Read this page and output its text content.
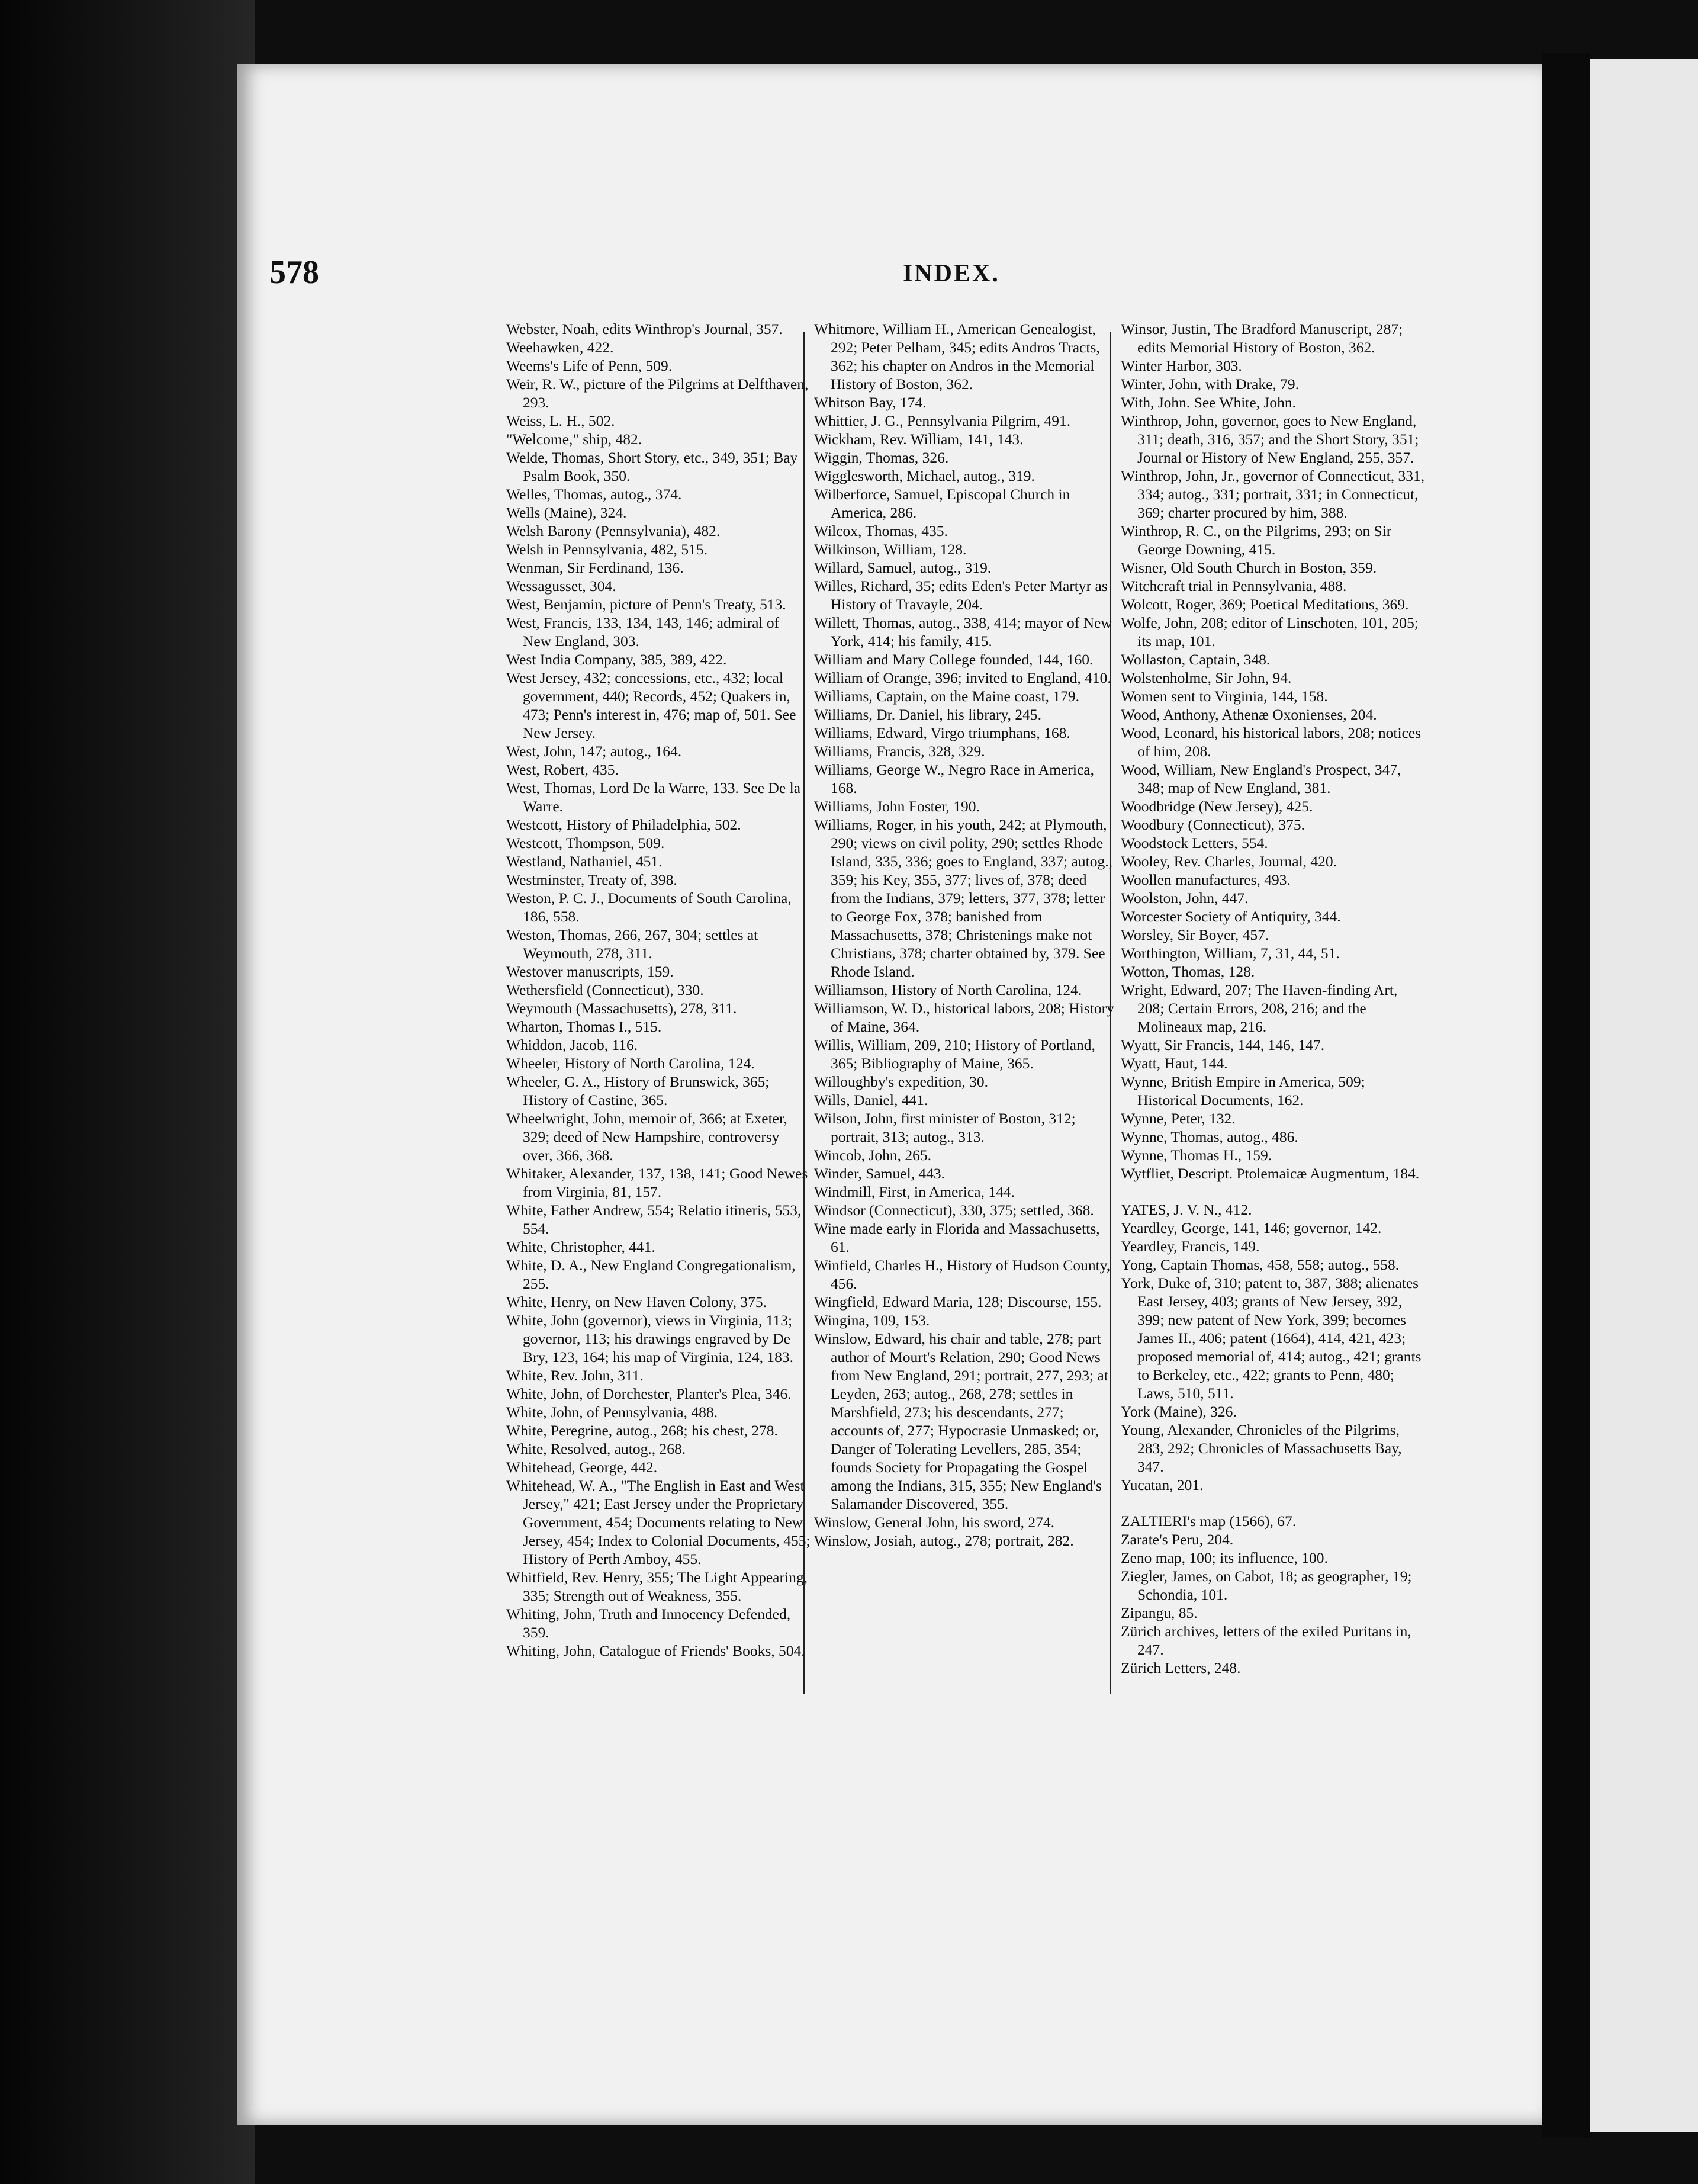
578	INDEX.

Webster, Noah, edits Winthrop's Journal, 357.

Weehawken, 422.

Weems's Life of Penn, 509.

Weir, R. W., picture of the Pilgrims at Delfthaven, 293.

Weiss, L. H., 502.

"Welcome," ship, 482.

Welde, Thomas, Short Story, etc., 349, 351; Bay Psalm Book, 350.

Welles, Thomas, autog., 374.

Wells (Maine), 324.

Welsh Barony (Pennsylvania), 482.

Welsh in Pennsylvania, 482, 515.

Wenman, Sir Ferdinand, 136.

Wessagusset, 304.

West, Benjamin, picture of Penn's Treaty, 513.

West, Francis, 133, 134, 143, 146; admiral of New England, 303.

West India Company, 385, 389, 422.

West Jersey, 432; concessions, etc., 432; local government, 440; Records, 452; Quakers in, 473; Penn's interest in, 476; map of, 501. See New Jersey.

West, John, 147; autog., 164.

West, Robert, 435.

West, Thomas, Lord De la Warre, 133. See De la Warre.

Westcott, History of Philadelphia, 502.

Westcott, Thompson, 509.

Westland, Nathaniel, 451.

Westminster, Treaty of, 398.

Weston, P. C. J., Documents of South Carolina, 186, 558.

Weston, Thomas, 266, 267, 304; settles at Weymouth, 278, 311.

Westover manuscripts, 159.

Wethersfield (Connecticut), 330.

Weymouth (Massachusetts), 278, 311.

Wharton, Thomas I., 515.

Whiddon, Jacob, 116.

Wheeler, History of North Carolina, 124.

Wheeler, G. A., History of Brunswick, 365; History of Castine, 365.

Wheelwright, John, memoir of, 366; at Exeter, 329; deed of New Hampshire, controversy over, 366, 368.

Whitaker, Alexander, 137, 138, 141; Good Newes from Virginia, 81, 157.

White, Father Andrew, 554; Relatio itineris, 553, 554.

White, Christopher, 441.

White, D. A., New England Congregationalism, 255.

White, Henry, on New Haven Colony, 375.

White, John (governor), views in Virginia, 113; governor, 113; his drawings engraved by De Bry, 123, 164; his map of Virginia, 124, 183.

White, Rev. John, 311.

White, John, of Dorchester, Planter's Plea, 346.

White, John, of Pennsylvania, 488.

White, Peregrine, autog., 268; his chest, 278.

White, Resolved, autog., 268.

Whitehead, George, 442.

Whitehead, W. A., "The English in East and West Jersey," 421; East Jersey under the Proprietary Government, 454; Documents relating to New Jersey, 454; Index to Colonial Documents, 455; History of Perth Amboy, 455.

Whitfield, Rev. Henry, 355; The Light Appearing, 335; Strength out of Weakness, 355.

Whiting, John, Truth and Innocency Defended, 359.

Whiting, John, Catalogue of Friends' Books, 504.

Whitmore, William H., American Genealogist, 292; Peter Pelham, 345; edits Andros Tracts, 362; his chapter on Andros in the Memorial History of Boston, 362.

Whitson Bay, 174.

Whittier, J. G., Pennsylvania Pilgrim, 491.

Wickham, Rev. William, 141, 143.

Wiggin, Thomas, 326.

Wigglesworth, Michael, autog., 319.

Wilberforce, Samuel, Episcopal Church in America, 286.

Wilcox, Thomas, 435.

Wilkinson, William, 128.

Willard, Samuel, autog., 319.

Willes, Richard, 35; edits Eden's Peter Martyr as History of Travayle, 204.

Willett, Thomas, autog., 338, 414; mayor of New York, 414; his family, 415.

William and Mary College founded, 144, 160.

William of Orange, 396; invited to England, 410.

Williams, Captain, on the Maine coast, 179.

Williams, Dr. Daniel, his library, 245.

Williams, Edward, Virgo triumphans, 168.

Williams, Francis, 328, 329.

Williams, George W., Negro Race in America, 168.

Williams, John Foster, 190.

Williams, Roger, in his youth, 242; at Plymouth, 290; views on civil polity, 290; settles Rhode Island, 335, 336; goes to England, 337; autog., 359; his Key, 355, 377; lives of, 378; deed from the Indians, 379; letters, 377, 378; letter to George Fox, 378; banished from Massachusetts, 378; Christenings make not Christians, 378; charter obtained by, 379. See Rhode Island.

Williamson, History of North Carolina, 124.

Williamson, W. D., historical labors, 208; History of Maine, 364.

Willis, William, 209, 210; History of Portland, 365; Bibliography of Maine, 365.

Willoughby's expedition, 30.

Wills, Daniel, 441.

Wilson, John, first minister of Boston, 312; portrait, 313; autog., 313.

Wincob, John, 265.

Winder, Samuel, 443.

Windmill, First, in America, 144.

Windsor (Connecticut), 330, 375; settled, 368.

Wine made early in Florida and Massachusetts, 61.

Winfield, Charles H., History of Hudson County, 456.

Wingfield, Edward Maria, 128; Discourse, 155.

Wingina, 109, 153.

Winslow, Edward, his chair and table, 278; part author of Mourt's Relation, 290; Good News from New England, 291; portrait, 277, 293; at Leyden, 263; autog., 268, 278; settles in Marshfield, 273; his descendants, 277; accounts of, 277; Hypocrasie Unmasked; or, Danger of Tolerating Levellers, 285, 354; founds Society for Propagating the Gospel among the Indians, 315, 355; New England's Salamander Discovered, 355.

Winslow, General John, his sword, 274.

Winslow, Josiah, autog., 278; portrait, 282.

Winsor, Justin, The Bradford Manuscript, 287; edits Memorial History of Boston, 362.

Winter Harbor, 303.

Winter, John, with Drake, 79.

With, John. See White, John.

Winthrop, John, governor, goes to New England, 311; death, 316, 357; and the Short Story, 351; Journal or History of New England, 255, 357.

Winthrop, John, Jr., governor of Connecticut, 331, 334; autog., 331; portrait, 331; in Connecticut, 369; charter procured by him, 388.

Winthrop, R. C., on the Pilgrims, 293; on Sir George Downing, 415.

Wisner, Old South Church in Boston, 359.

Witchcraft trial in Pennsylvania, 488.

Wolcott, Roger, 369; Poetical Meditations, 369.

Wolfe, John, 208; editor of Linschoten, 101, 205; its map, 101.

Wollaston, Captain, 348.

Wolstenholme, Sir John, 94.

Women sent to Virginia, 144, 158.

Wood, Anthony, Athenæ Oxonienses, 204.

Wood, Leonard, his historical labors, 208; notices of him, 208.

Wood, William, New England's Prospect, 347, 348; map of New England, 381.

Woodbridge (New Jersey), 425.

Woodbury (Connecticut), 375.

Woodstock Letters, 554.

Wooley, Rev. Charles, Journal, 420.

Woollen manufactures, 493.

Woolston, John, 447.

Worcester Society of Antiquity, 344.

Worsley, Sir Boyer, 457.

Worthington, William, 7, 31, 44, 51.

Wotton, Thomas, 128.

Wright, Edward, 207; The Haven-finding Art, 208; Certain Errors, 208, 216; and the Molineaux map, 216.

Wyatt, Sir Francis, 144, 146, 147.

Wyatt, Haut, 144.

Wynne, British Empire in America, 509; Historical Documents, 162.

Wynne, Peter, 132.

Wynne, Thomas, autog., 486.

Wynne, Thomas H., 159.

Wytfliet, Descript. Ptolemaicæ Augmentum, 184.

YATES, J. V. N., 412.

Yeardley, George, 141, 146; governor, 142.

Yeardley, Francis, 149.

Yong, Captain Thomas, 458, 558; autog., 558.

York, Duke of, 310; patent to, 387, 388; alienates East Jersey, 403; grants of New Jersey, 392, 399; new patent of New York, 399; becomes James II., 406; patent (1664), 414, 421, 423; proposed memorial of, 414; autog., 421; grants to Berkeley, etc., 422; grants to Penn, 480; Laws, 510, 511.

York (Maine), 326.

Young, Alexander, Chronicles of the Pilgrims, 283, 292; Chronicles of Massachusetts Bay, 347.

Yucatan, 201.

ZALTIERI's map (1566), 67.

Zarate's Peru, 204.

Zeno map, 100; its influence, 100.

Ziegler, James, on Cabot, 18; as geographer, 19; Schondia, 101.

Zipangu, 85.

Zürich archives, letters of the exiled Puritans in, 247.

Zürich Letters, 248.
